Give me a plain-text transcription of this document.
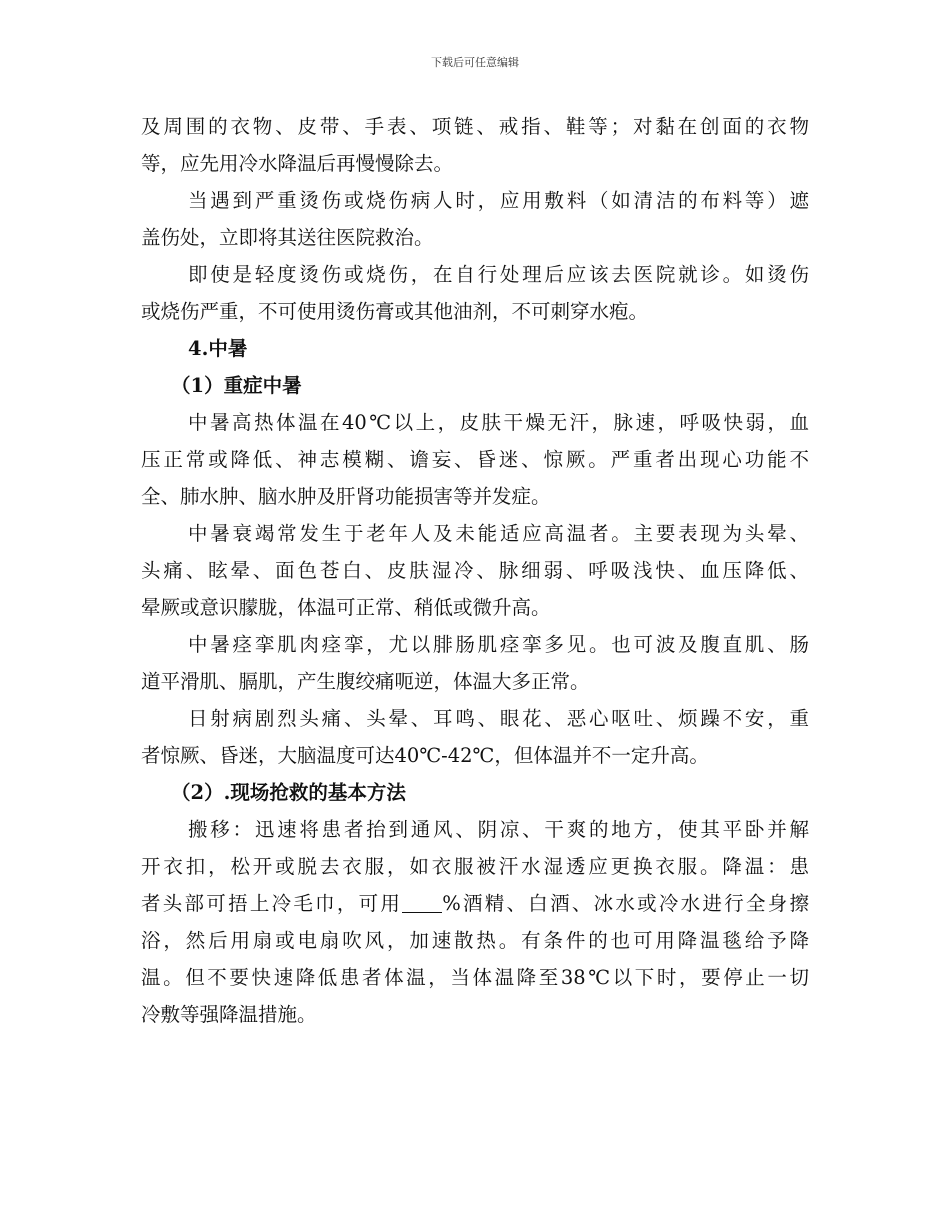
下载后可任意编辑
及周围的衣物、皮带、手表、项链、戒指、鞋等；对黏在创面的衣物
等，应先用冷水降温后再慢慢除去。
当遇到严重烫伤或烧伤病人时，应用敷料（如清洁的布料等）遮
盖伤处，立即将其送往医院救治。
即使是轻度烫伤或烧伤，在自行处理后应该去医院就诊。如烫伤
或烧伤严重，不可使用烫伤膏或其他油剂，不可刺穿水疱。
4.中暑
（1）重症中暑
中暑高热体温在40℃以上，皮肤干燥无汗，脉速，呼吸快弱，血
压正常或降低、神志模糊、谵妄、昏迷、惊厥。严重者出现心功能不
全、肺水肿、脑水肿及肝肾功能损害等并发症。
中暑衰竭常发生于老年人及未能适应高温者。主要表现为头晕、
头痛、眩晕、面色苍白、皮肤湿冷、脉细弱、呼吸浅快、血压降低、
晕厥或意识朦胧，体温可正常、稍低或微升高。
中暑痉挛肌肉痉挛，尤以腓肠肌痉挛多见。也可波及腹直肌、肠
道平滑肌、膈肌，产生腹绞痛呃逆，体温大多正常。
日射病剧烈头痛、头晕、耳鸣、眼花、恶心呕吐、烦躁不安，重
者惊厥、昏迷，大脑温度可达40℃-42℃，但体温并不一定升高。
（2）.现场抢救的基本方法
搬移：迅速将患者抬到通风、阴凉、干爽的地方，使其平卧并解
开衣扣，松开或脱去衣服，如衣服被汗水湿透应更换衣服。降温：患
者头部可捂上冷毛巾，可用 %酒精、白酒、冰水或冷水进行全身擦
浴，然后用扇或电扇吹风，加速散热。有条件的也可用降温毯给予降
温。但不要快速降低患者体温，当体温降至38℃以下时，要停止一切
冷敷等强降温措施。
